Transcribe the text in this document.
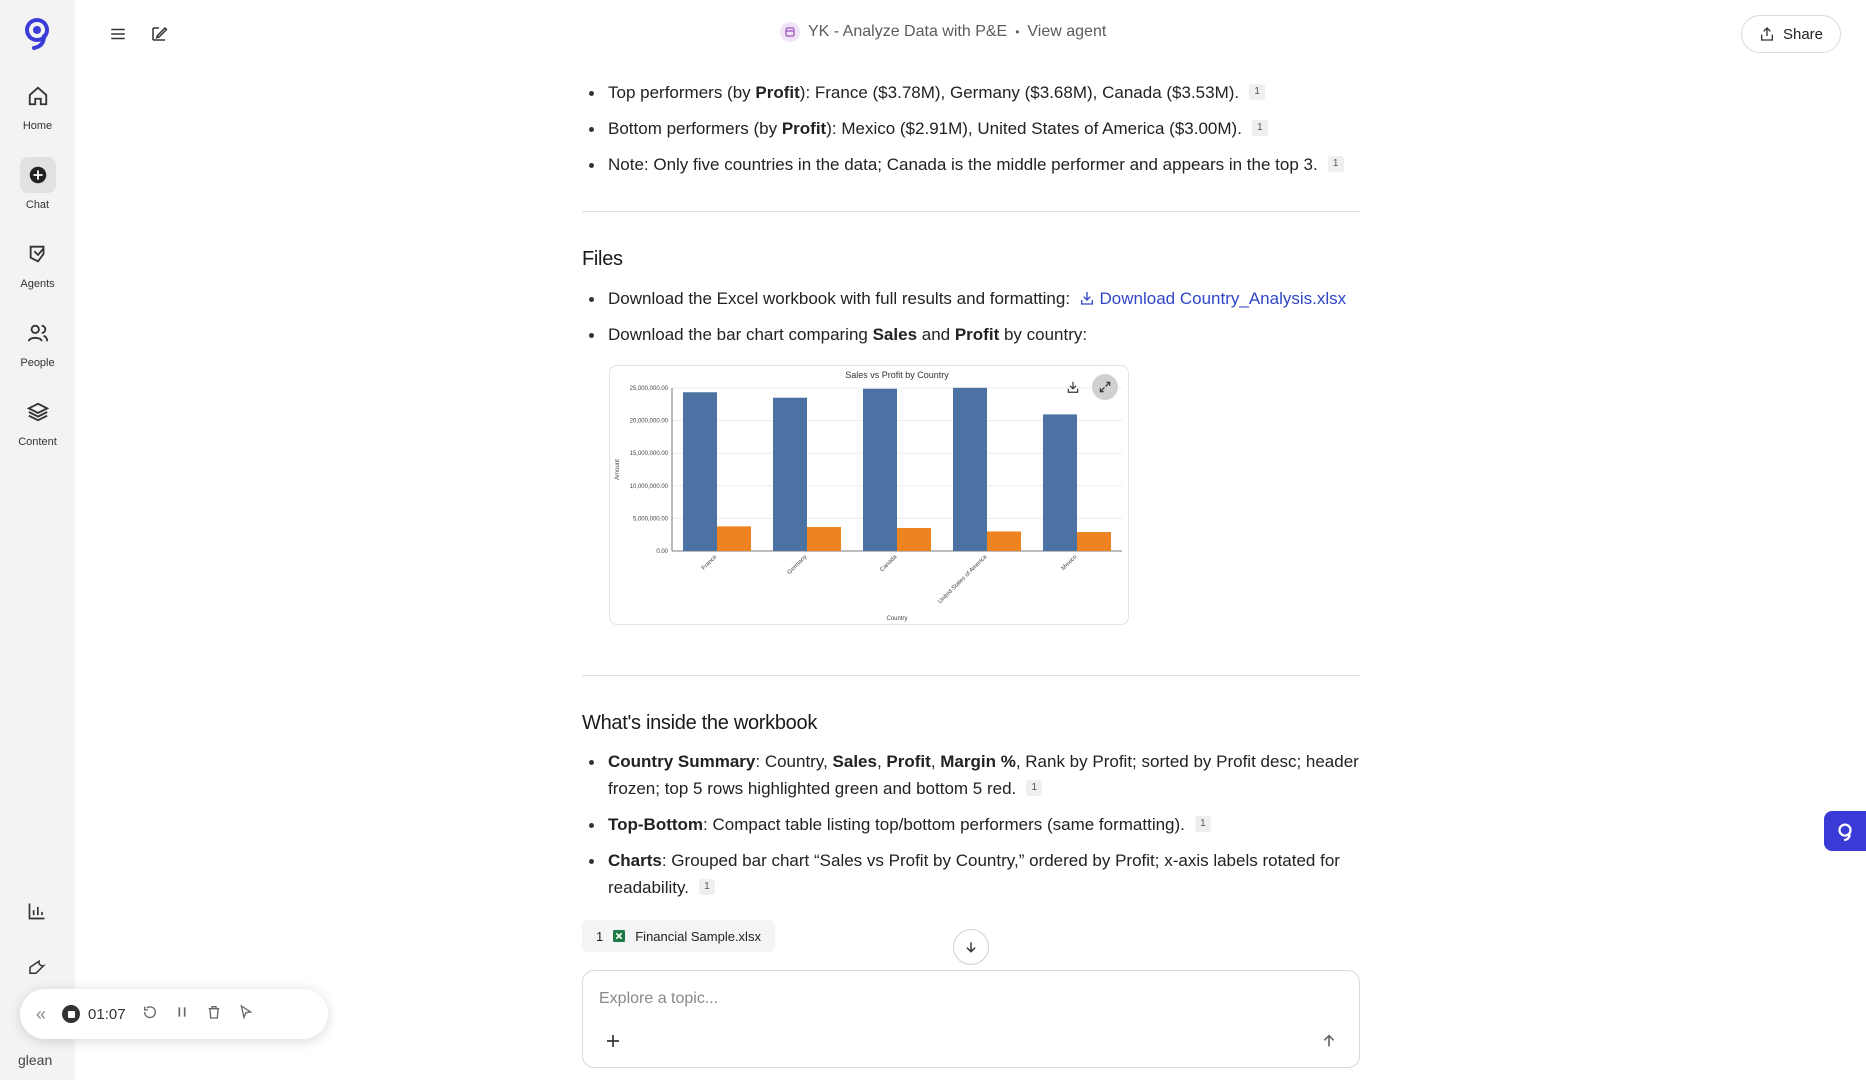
Home
Chat
Agents
People
Content
glean
YK - Analyze Data with P&E • View agent	Share
Top performers (by Profit): France ($3.78M), Germany ($3.68M), Canada ($3.53M). 1
Bottom performers (by Profit): Mexico ($2.91M), United States of America ($3.00M). 1
Note: Only five countries in the data; Canada is the middle performer and appears in the top 3. 1
Files
Download the Excel workbook with full results and formatting: Download Country_Analysis.xlsx
Download the bar chart comparing Sales and Profit by country:
Sales vs Profit by Country
0.00
5,000,000.00
10,000,000.00
15,000,000.00
20,000,000.00
25,000,000.00
France	Germany	Canada	United States of America	Mexico
Country
Amount
What's inside the workbook
Country Summary: Country, Sales, Profit, Margin %, Rank by Profit; sorted by Profit desc; header frozen; top 5 rows highlighted green and bottom 5 red. 1
Top-Bottom: Compact table listing top/bottom performers (same formatting). 1
Charts: Grouped bar chart “Sales vs Profit by Country,” ordered by Profit; x-axis labels rotated for readability. 1
1 Financial Sample.xlsx
Explore a topic...
«	01:07
